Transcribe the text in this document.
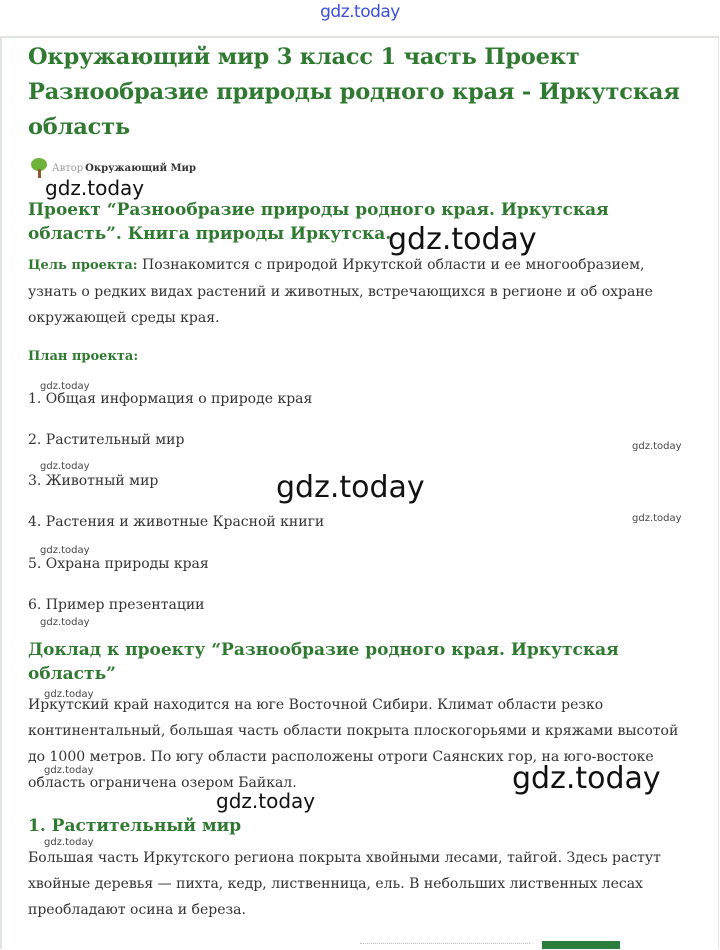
gdz.today
Окружающий мир 3 класс 1 часть Проект Разнообразие природы родного края - Иркутская область
Автор Окружающий Мир
Проект “Разнообразие природы родного края. Иркутская область”. Книга природы Иркутска.
Цель проекта: Познакомится с природой Иркутской области и ее многообразием, узнать о редких видах растений и животных, встречающихся в регионе и об охране окружающей среды края.
План проекта:
1. Общая информация о природе края
2. Растительный мир
3. Животный мир
4. Растения и животные Красной книги
5. Охрана природы края
6. Пример презентации
Доклад к проекту “Разнообразие родного края. Иркутская область”
Иркутский край находится на юге Восточной Сибири. Климат области резко континентальный, большая часть области покрыта плоскогорьями и кряжами высотой до 1000 метров. По югу области расположены отроги Саянских гор, на юго-востоке область ограничена озером Байкал.
1. Растительный мир
Большая часть Иркутского региона покрыта хвойными лесами, тайгой. Здесь растут хвойные деревья — пихта, кедр, лиственница, ель. В небольших лиственных лесах преобладают осина и береза.
gdz.today
gdz.today
gdz.today
gdz.today
gdz.today
gdz.today
gdz.today
gdz.today
gdz.today
gdz.today
gdz.today	gdz.today
gdz.today
gdz.today
